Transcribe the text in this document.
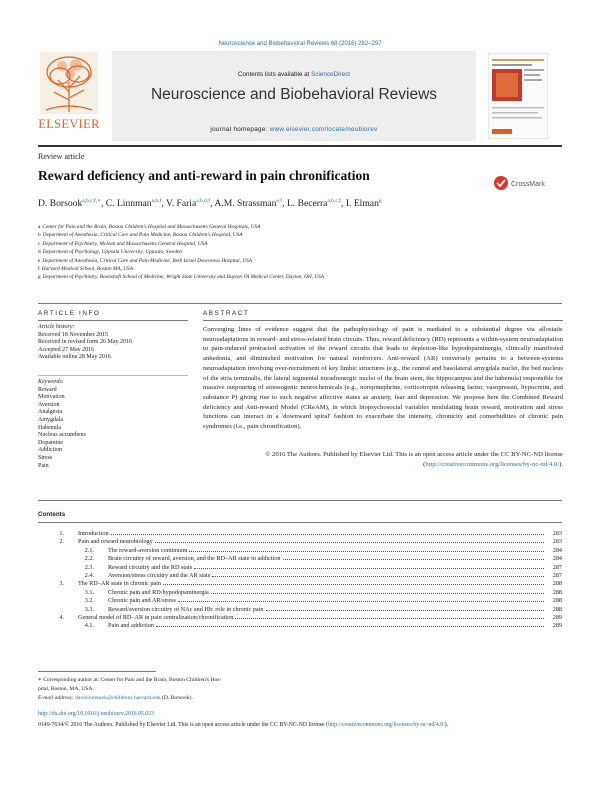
Neuroscience and Biobehavioral Reviews 68 (2016) 282–297
Contents lists available at ScienceDirect
Neuroscience and Biobehavioral Reviews
journal homepage: www.elsevier.com/locate/neubiorev
ELSEVIER
Review article
Reward deficiency and anti-reward in pain chronification
CrossMark
D. Borsook$^{a,b,c,f,∗}$, C. Linnman$^{a,b,f}$, V. Faria$^{a,b,d,f}$, A.M. Strassman$^{e,f}$, L. Becerra$^{a,b,c,f}$, I. Elman$^g$
a Center for Pain and the Brain, Boston Children's Hospital and Massachusetts General Hospitals, USA
b Department of Anesthesia, Critical Care and Pain Medicine, Boston Children's Hospital, USA
c Department of Psychiatry, Mclean and Massachusetts General Hospital, USA
d Department of Psychology, Uppsala University, Uppsala, Sweden
e Department of Anesthesia, Critical Care and Pain Medicine, Beth Israel Deaconess Hospital, USA
f Harvard Medical School, Boston MA, USA
g Department of Psychiatry, Boonshoft School of Medicine, Wright State University and Dayton VA Medical Center, Dayton, OH, USA
ARTICLE INFO
Article history:
Received 18 November 2015
Received in revised form 26 May 2016
Accepted 27 May 2016
Available online 28 May 2016
Keywords:
Reward
Motivation
Aversion
Analgesia
Amygdala
Habenula
Nucleus accumbens
Dopamine
Addiction
Stress
Pain
ABSTRACT

Converging lines of evidence suggest that the pathophysiology of pain is mediated to a substantial degree via allostatic neuroadaptations in reward- and stress-related brain circuits. Thus, reward deficiency (RD) represents a within-system neuroadaptation to pain-induced protracted activation of the reward circuits that leads to depletion-like hypodopaminergia, clinically manifested anhedonia, and diminished motivation for natural reinforcers. Anti-reward (AR) conversely pertains to a between-systems neuroadaptation involving over-recruitment of key limbic structures (e.g., the central and basolateral amygdala nuclei, the bed nucleus of the stria terminalis, the lateral tegmental noradrenergic nuclei of the brain stem, the hippocampus and the habenula) responsible for massive outpouring of stressogenic neurochemicals (e.g., norepinephrine, corticotropin releasing factor, vasopressin, hypocretin, and substance P) giving rise to such negative affective states as anxiety, fear and depression. We propose here the Combined Reward deficiency and Anti-reward Model (CReAM), in which biopsychosocial variables modulating brain reward, motivation and stress functions can interact in a 'downward spiral' fashion to exacerbate the intensity, chronicity and comorbidities of chronic pain syndromes (i.e., pain chronification).

© 2016 The Authors. Published by Elsevier Ltd. This is an open access article under the CC BY-NC-ND license (http://creativecommons.org/licenses/by-nc-nd/4.0/).
Contents
1. Introduction	283
2. Pain and reward neurobiology	283
2.1. The reward-aversion continuum	284
2.2. Brain circuitry of reward, aversion, and the RD–AR state in addiction	284
2.3. Reward circuitry and the RD state	287
2.4. Aversion/stress circuitry and the AR state	287
3. The RD–AR state in chronic pain	288
3.1. Chronic pain and RD/hypodopaminergia	288
3.2. Chronic pain and AR/stress	288
3.3. Reward/aversion circuitry of NAc and Hb: role in chronic pain	288
4. General model of RD–AR in pain centralization/chronification	289
4.1. Pain and addiction	289
∗ Corresponding author at: Center for Pain and the Brain, Boston Children's Hos-
pital, Boston, MA, USA.
E-mail address: david.borsook@childrens.harvard.edu (D. Borsook).
http://dx.doi.org/10.1016/j.neubiorev.2016.05.033
0149-7634/© 2016 The Authors. Published by Elsevier Ltd. This is an open access article under the CC BY-NC-ND license (http://creativecommons.org/licenses/by-nc-nd/4.0/).
